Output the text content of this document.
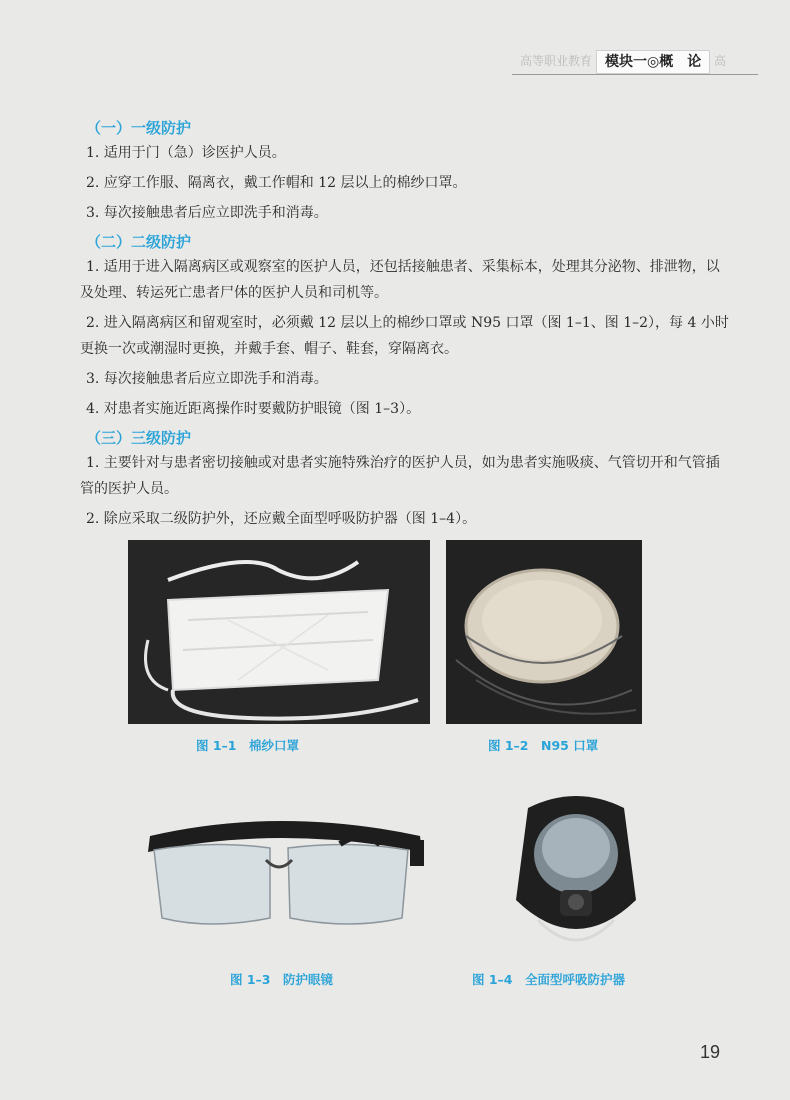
高等职业教育 模块一◎概　论	高
（一）一级防护

1. 适用于门（急）诊医护人员。

2. 应穿工作服、隔离衣，戴工作帽和 12 层以上的棉纱口罩。

3. 每次接触患者后应立即洗手和消毒。

（二）二级防护

1. 适用于进入隔离病区或观察室的医护人员，还包括接触患者、采集标本，处理其分泌物、排泄物，以及处理、转运死亡患者尸体的医护人员和司机等。

2. 进入隔离病区和留观室时，必须戴 12 层以上的棉纱口罩或 N95 口罩（图 1–1、图 1–2），每 4 小时更换一次或潮湿时更换，并戴手套、帽子、鞋套，穿隔离衣。

3. 每次接触患者后应立即洗手和消毒。

4. 对患者实施近距离操作时要戴防护眼镜（图 1–3）。

（三）三级防护

1. 主要针对与患者密切接触或对患者实施特殊治疗的医护人员，如为患者实施吸痰、气管切开和气管插管的医护人员。

2. 除应采取二级防护外，还应戴全面型呼吸防护器（图 1–4）。

图 1–1　棉纱口罩	图 1–2　N95 口罩
图 1–3　防护眼镜	图 1–4　全面型呼吸防护器
19
